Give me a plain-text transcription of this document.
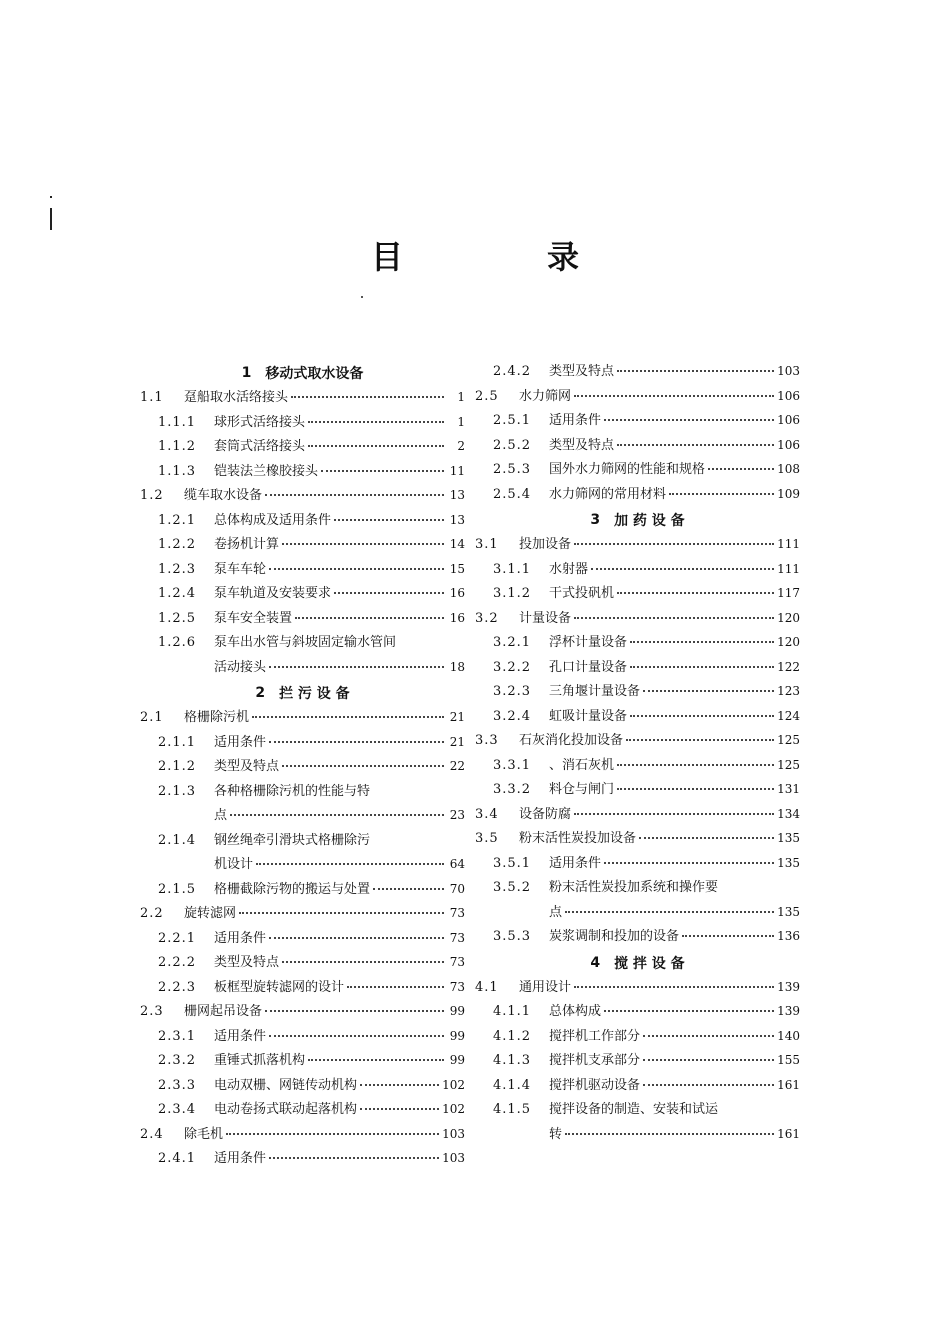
目　录
1 移动式取水设备
1.1	趸船取水活络接头	1
1.1.1	球形式活络接头	1
1.1.2	套筒式活络接头	2
1.1.3	铠装法兰橡胶接头	11
1.2	缆车取水设备	13
1.2.1	总体构成及适用条件	13
1.2.2	卷扬机计算	14
1.2.3	泵车车轮	15
1.2.4	泵车轨道及安装要求	16
1.2.5	泵车安全装置	16
1.2.6	泵车出水管与斜坡固定输水管间
活动接头	18
2 拦 污 设 备
2.1	格栅除污机	21
2.1.1	适用条件	21
2.1.2	类型及特点	22
2.1.3	各种格栅除污机的性能与特
点	23
2.1.4	钢丝绳牵引滑块式格栅除污
机设计	64
2.1.5	格栅截除污物的搬运与处置	70
2.2	旋转滤网	73
2.2.1	适用条件	73
2.2.2	类型及特点	73
2.2.3	板框型旋转滤网的设计	73
2.3	栅网起吊设备	99
2.3.1	适用条件	99
2.3.2	重锤式抓落机构	99
2.3.3	电动双栅、网链传动机构	102
2.3.4	电动卷扬式联动起落机构	102
2.4	除毛机	103
2.4.1	适用条件	103
2.4.2	类型及特点	103
2.5	水力筛网	106
2.5.1	适用条件	106
2.5.2	类型及特点	106
2.5.3	国外水力筛网的性能和规格	108
2.5.4	水力筛网的常用材料	109
3 加 药 设 备
3.1	投加设备	111
3.1.1	水射器	111
3.1.2	干式投矾机	117
3.2	计量设备	120
3.2.1	浮杯计量设备	120
3.2.2	孔口计量设备	122
3.2.3	三角堰计量设备	123
3.2.4	虹吸计量设备	124
3.3	石灰消化投加设备	125
3.3.1	、消石灰机	125
3.3.2	料仓与闸门	131
3.4	设备防腐	134
3.5	粉末活性炭投加设备	135
3.5.1	适用条件	135
3.5.2	粉末活性炭投加系统和操作要
点	135
3.5.3	炭浆调制和投加的设备	136
4 搅 拌 设 备
4.1	通用设计	139
4.1.1	总体构成	139
4.1.2	搅拌机工作部分	140
4.1.3	搅拌机支承部分	155
4.1.4	搅拌机驱动设备	161
4.1.5	搅拌设备的制造、安装和试运
转	161
